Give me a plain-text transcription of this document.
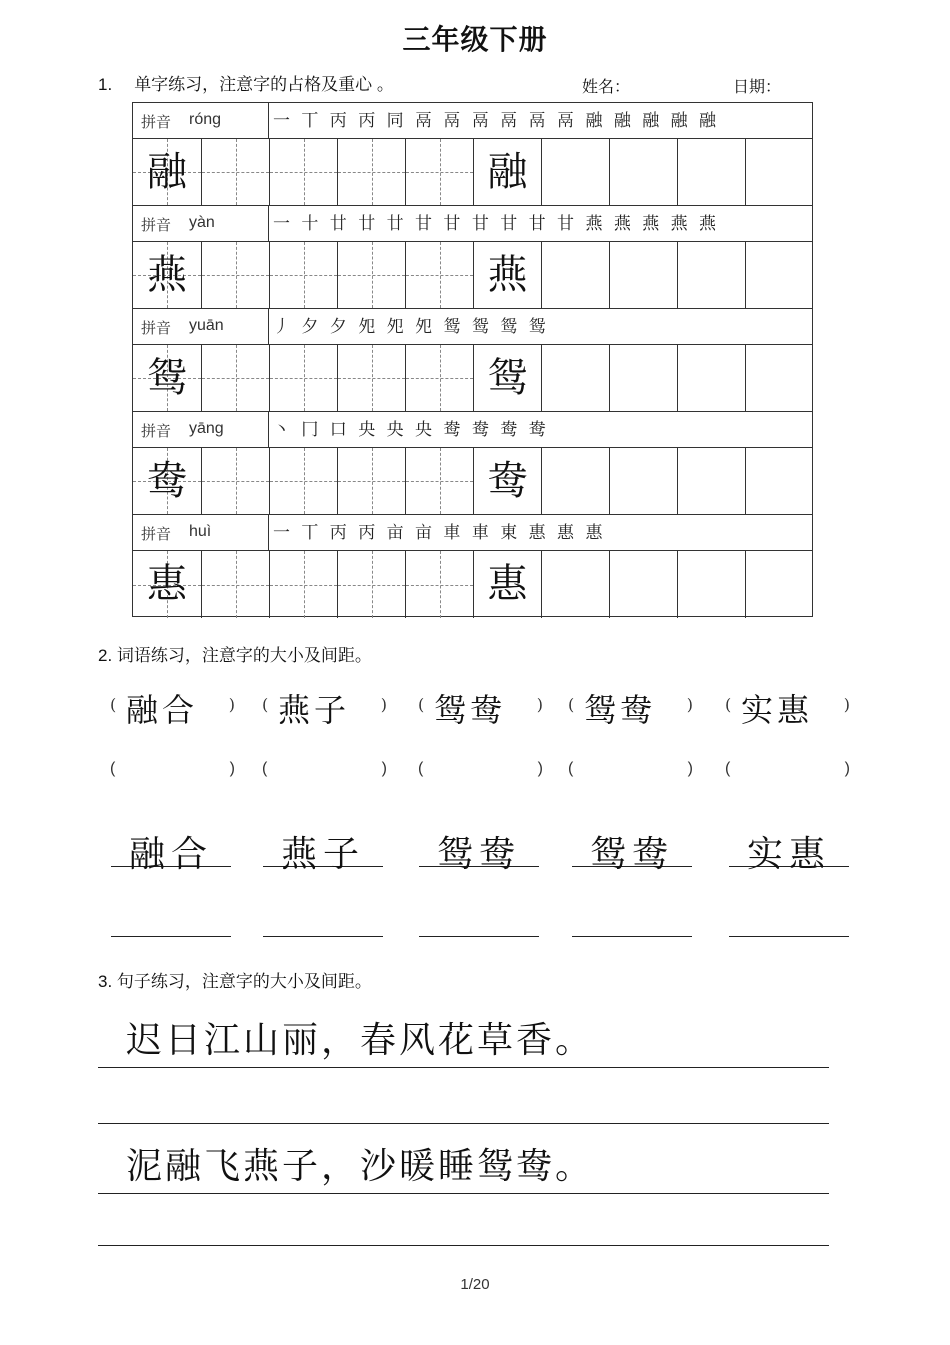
三年级下册
1. 单字练习，注意字的占格及重心 。	姓名：	日期：
拼音 róng	一 丅 丙 丙 同 鬲 鬲 鬲 鬲 鬲 鬲 融 融 融 融 融
融	融
拼音 yàn	一 十 廿 廿 廿 甘 甘 甘 甘 甘 甘 燕 燕 燕 燕 燕
燕	燕
拼音 yuān	丿 夕 夕 夗 夗 夗 鸳 鸳 鸳 鸳
鸳	鸳
拼音 yāng	丶 冂 口 央 央 央 鸯 鸯 鸯 鸯
鸯	鸯
拼音 huì	一 丅 丙 丙 亩 亩 車 車 東 惠 惠 惠
惠	惠
2. 词语练习，注意字的大小及间距。
( 融合 ) ( 燕子 ) ( 鸳鸯 ) ( 鸳鸯 ) ( 实惠 )
(	) (	) (	) (	) (	)
融合	燕子	鸳鸯	鸳鸯	实惠
3. 句子练习，注意字的大小及间距。
迟日江山丽，春风花草香。
泥融飞燕子，沙暖睡鸳鸯。
1/20
